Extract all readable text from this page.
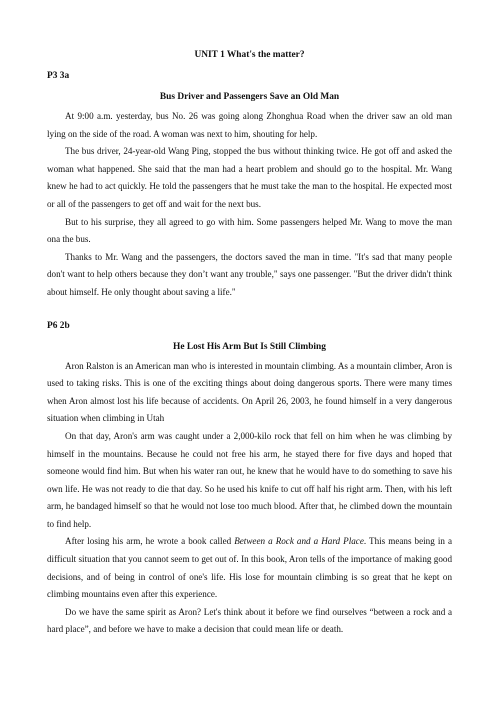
UNIT 1 What's the matter?
P3 3a
Bus Driver and Passengers Save an Old Man

At 9:00 a.m. yesterday, bus No. 26 was going along Zhonghua Road when the driver saw an old man lying on the side of the road. A woman was next to him, shouting for help.

The bus driver, 24-year-old Wang Ping, stopped the bus without thinking twice. He got off and asked the woman what happened. She said that the man had a heart problem and should go to the hospital. Mr. Wang knew he had to act quickly. He told the passengers that he must take the man to the hospital. He expected most or all of the passengers to get off and wait for the next bus.

But to his surprise, they all agreed to go with him. Some passengers helped Mr. Wang to move the man ona the bus.

Thanks to Mr. Wang and the passengers, the doctors saved the man in time. "It's sad that many people don't want to help others because they don’t want any trouble," says one passenger. "But the driver didn't think about himself. He only thought about saving a life."

P6 2b
He Lost His Arm But Is Still Climbing

Aron Ralston is an American man who is interested in mountain climbing. As a mountain climber, Aron is used to taking risks. This is one of the exciting things about doing dangerous sports. There were many times when Aron almost lost his life because of accidents. On April 26, 2003, he found himself in a very dangerous situation when climbing in Utah

On that day, Aron's arm was caught under a 2,000-kilo rock that fell on him when he was climbing by himself in the mountains. Because he could not free his arm, he stayed there for five days and hoped that someone would find him. But when his water ran out, he knew that he would have to do something to save his own life. He was not ready to die that day. So he used his knife to cut off half his right arm. Then, with his left arm, he bandaged himself so that he would not lose too much blood. After that, he climbed down the mountain to find help.

After losing his arm, he wrote a book called Between a Rock and a Hard Place. This means being in a difficult situation that you cannot seem to get out of. In this book, Aron tells of the importance of making good decisions, and of being in control of one's life. His lose for mountain climbing is so great that he kept on climbing mountains even after this experience.

Do we have the same spirit as Aron? Let's think about it before we find ourselves “between a rock and a hard place”, and before we have to make a decision that could mean life or death.
